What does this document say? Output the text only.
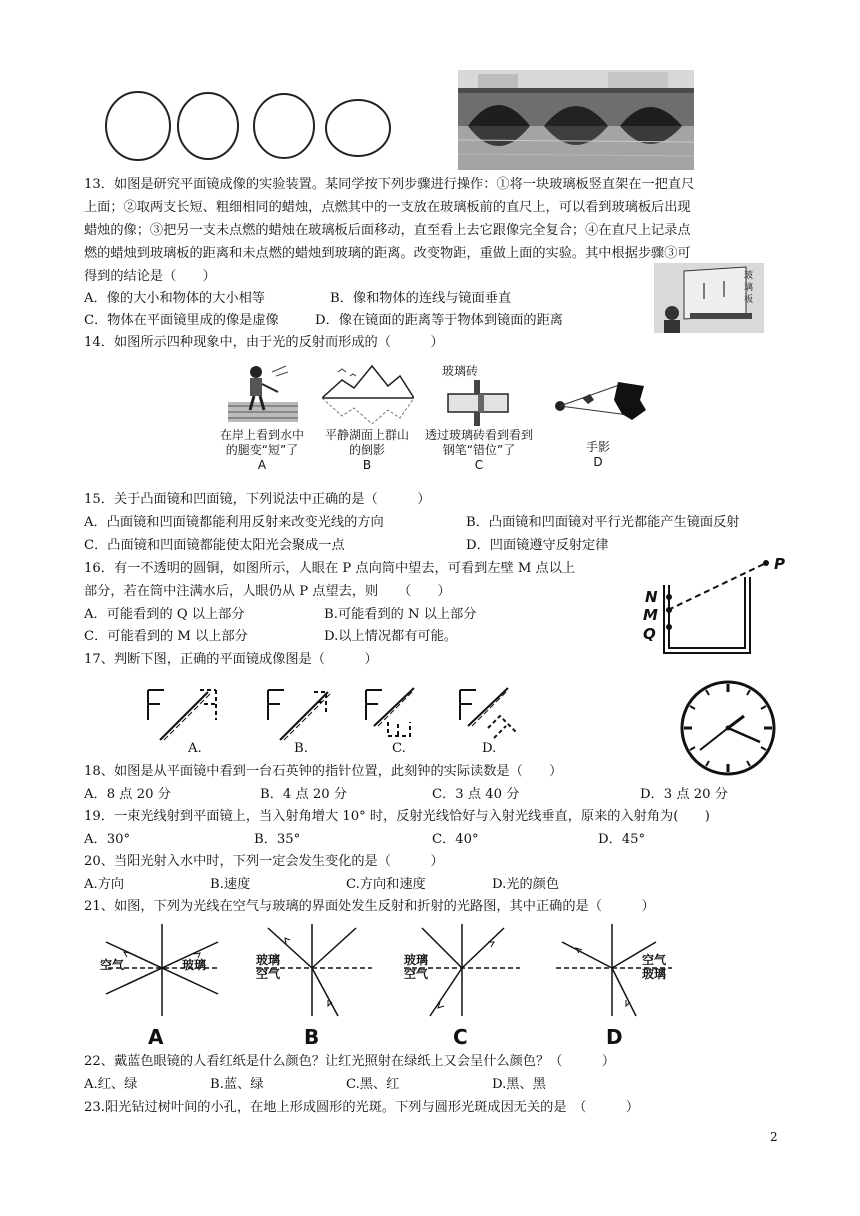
13．如图是研究平面镜成像的实验装置。某同学按下列步骤进行操作：①将一块玻璃板竖直架在一把直尺
上面；②取两支长短、粗细相同的蜡烛，点燃其中的一支放在玻璃板前的直尺上，可以看到玻璃板后出现
蜡烛的像；③把另一支未点燃的蜡烛在玻璃板后面移动，直至看上去它跟像完全复合；④在直尺上记录点
燃的蜡烛到玻璃板的距离和未点燃的蜡烛到玻璃的距离。改变物距，重做上面的实验。其中根据步骤③可
得到的结论是（　　）
A．像的大小和物体的大小相等	B．像和物体的连线与镜面垂直
C．物体在平面镜里成的像是虚像	D．像在镜面的距离等于物体到镜面的距离
玻璃板
14．如图所示四种现象中，由于光的反射而形成的（　　　）
在岸上看到水中
的腿变“短”了
A
平静湖面上群山
的倒影
B
玻璃砖
透过玻璃砖看到看到
钢笔“错位”了
C
手影
D
15．关于凸面镜和凹面镜，下列说法中正确的是（　　　）
A．凸面镜和凹面镜都能利用反射来改变光线的方向	B．凸面镜和凹面镜对平行光都能产生镜面反射
C．凸面镜和凹面镜都能使太阳光会聚成一点	D．凹面镜遵守反射定律
16．有一不透明的圆铜，如图所示，人眼在 P 点向筒中望去，可看到左壁 M 点以上
部分，若在筒中注满水后，人眼仍从 P 点望去，则　　（　　）
A．可能看到的 Q 以上部分	B.可能看到的 N 以上部分
C．可能看到的 M 以上部分	D.以上情况都有可能。
P
N
M
Q
17、判断下图，正确的平面镜成像图是（　　　）
A.	B.	C.	D.
18、如图是从平面镜中看到一台石英钟的指针位置，此刻钟的实际读数是（　　）
A．8 点 20 分	B．4 点 20 分	C．3 点 40 分	D．3 点 20 分
19．一束光线射到平面镜上，当入射角增大 10° 时，反射光线恰好与入射光线垂直，原来的入射角为(　　)
A．30°	B．35°	C．40°	D．45°
20、当阳光射入水中时，下列一定会发生变化的是（　　　）
A.方向	B.速度	C.方向和速度	D.光的颜色
21、如图，下列为光线在空气与玻璃的界面处发生反射和折射的光路图，其中正确的是（　　　）
空气	玻璃
A
玻璃
空气
B
玻璃
空气
C
空气
玻璃
D
22、戴蓝色眼镜的人看红纸是什么颜色？让红光照射在绿纸上又会呈什么颜色？（　　　）
A.红、绿	B.蓝、绿	C.黑、红	D.黑、黑
23.阳光钻过树叶间的小孔，在地上形成圆形的光斑。下列与圆形光斑成因无关的是　（　　　）
2
